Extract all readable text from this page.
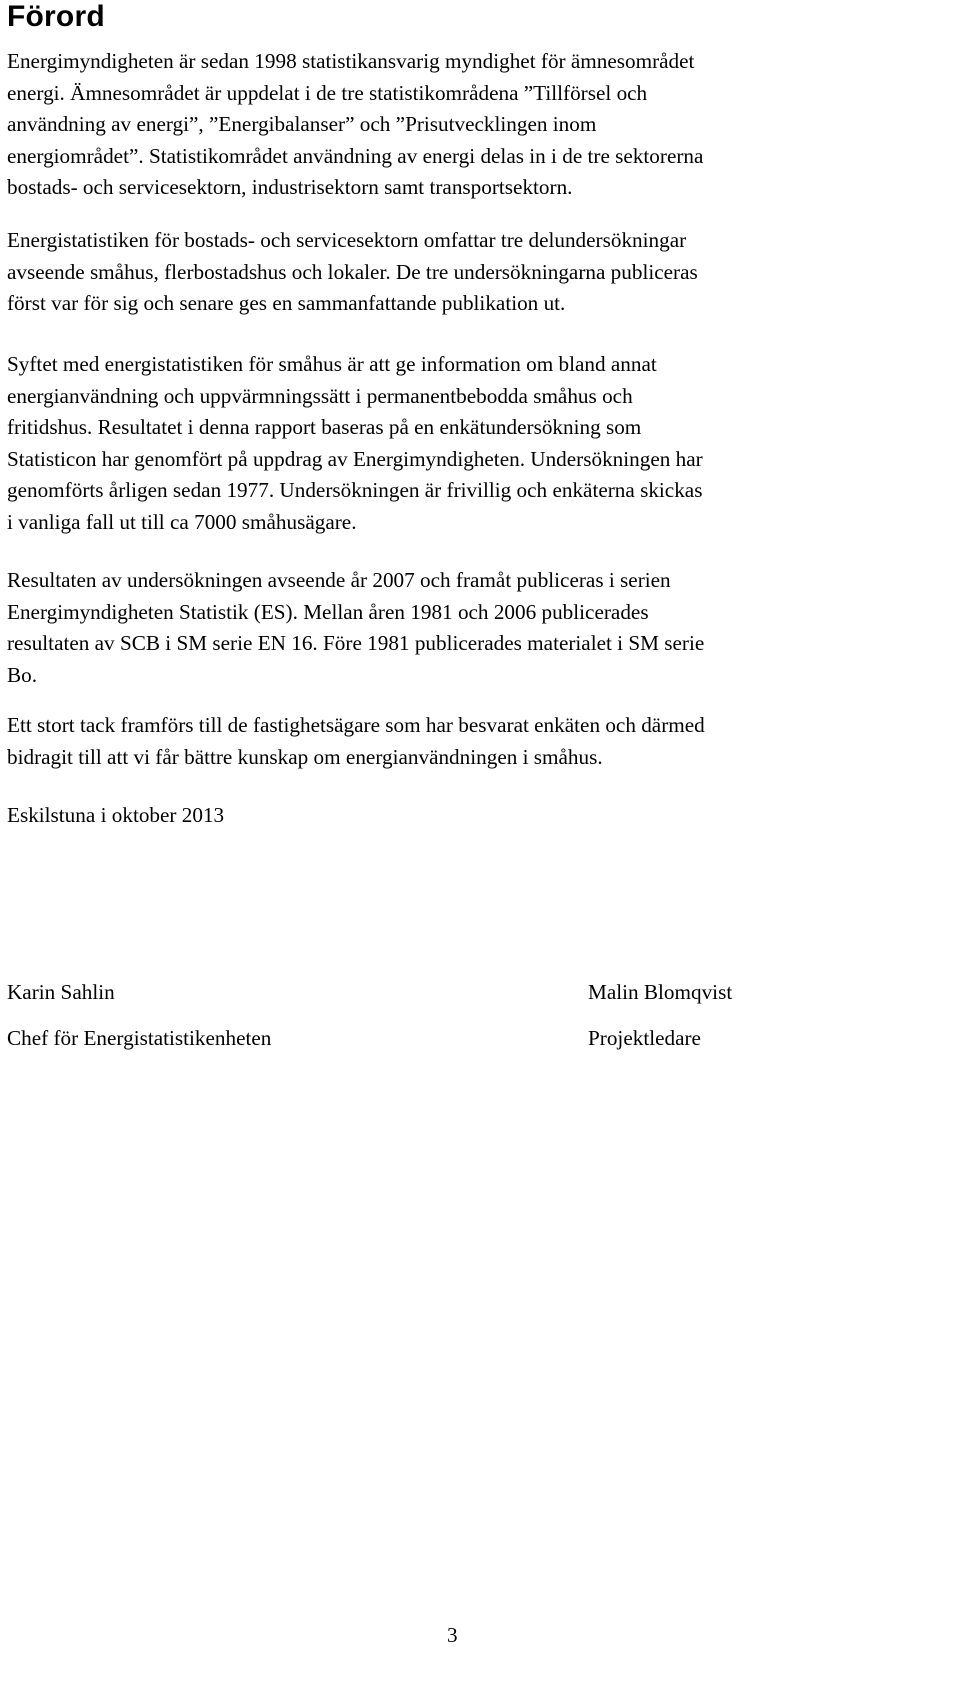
Förord

Energimyndigheten är sedan 1998 statistikansvarig myndighet för ämnesområdet
energi. Ämnesområdet är uppdelat i de tre statistikområdena ”Tillförsel och
användning av energi”, ”Energibalanser” och ”Prisutvecklingen inom
energiområdet”. Statistikområdet användning av energi delas in i de tre sektorerna
bostads- och servicesektorn, industrisektorn samt transportsektorn.

Energistatistiken för bostads- och servicesektorn omfattar tre delundersökningar
avseende småhus, flerbostadshus och lokaler. De tre undersökningarna publiceras
först var för sig och senare ges en sammanfattande publikation ut.

Syftet med energistatistiken för småhus är att ge information om bland annat
energianvändning och uppvärmningssätt i permanentbebodda småhus och
fritidshus. Resultatet i denna rapport baseras på en enkätundersökning som
Statisticon har genomfört på uppdrag av Energimyndigheten. Undersökningen har
genomförts årligen sedan 1977. Undersökningen är frivillig och enkäterna skickas
i vanliga fall ut till ca 7000 småhusägare.

Resultaten av undersökningen avseende år 2007 och framåt publiceras i serien
Energimyndigheten Statistik (ES). Mellan åren 1981 och 2006 publicerades
resultaten av SCB i SM serie EN 16. Före 1981 publicerades materialet i SM serie
Bo.

Ett stort tack framförs till de fastighetsägare som har besvarat enkäten och därmed
bidragit till att vi får bättre kunskap om energianvändningen i småhus.

Eskilstuna i oktober 2013

Karin Sahlin
Chef för Energistatistikenheten
Malin Blomqvist
Projektledare
3
